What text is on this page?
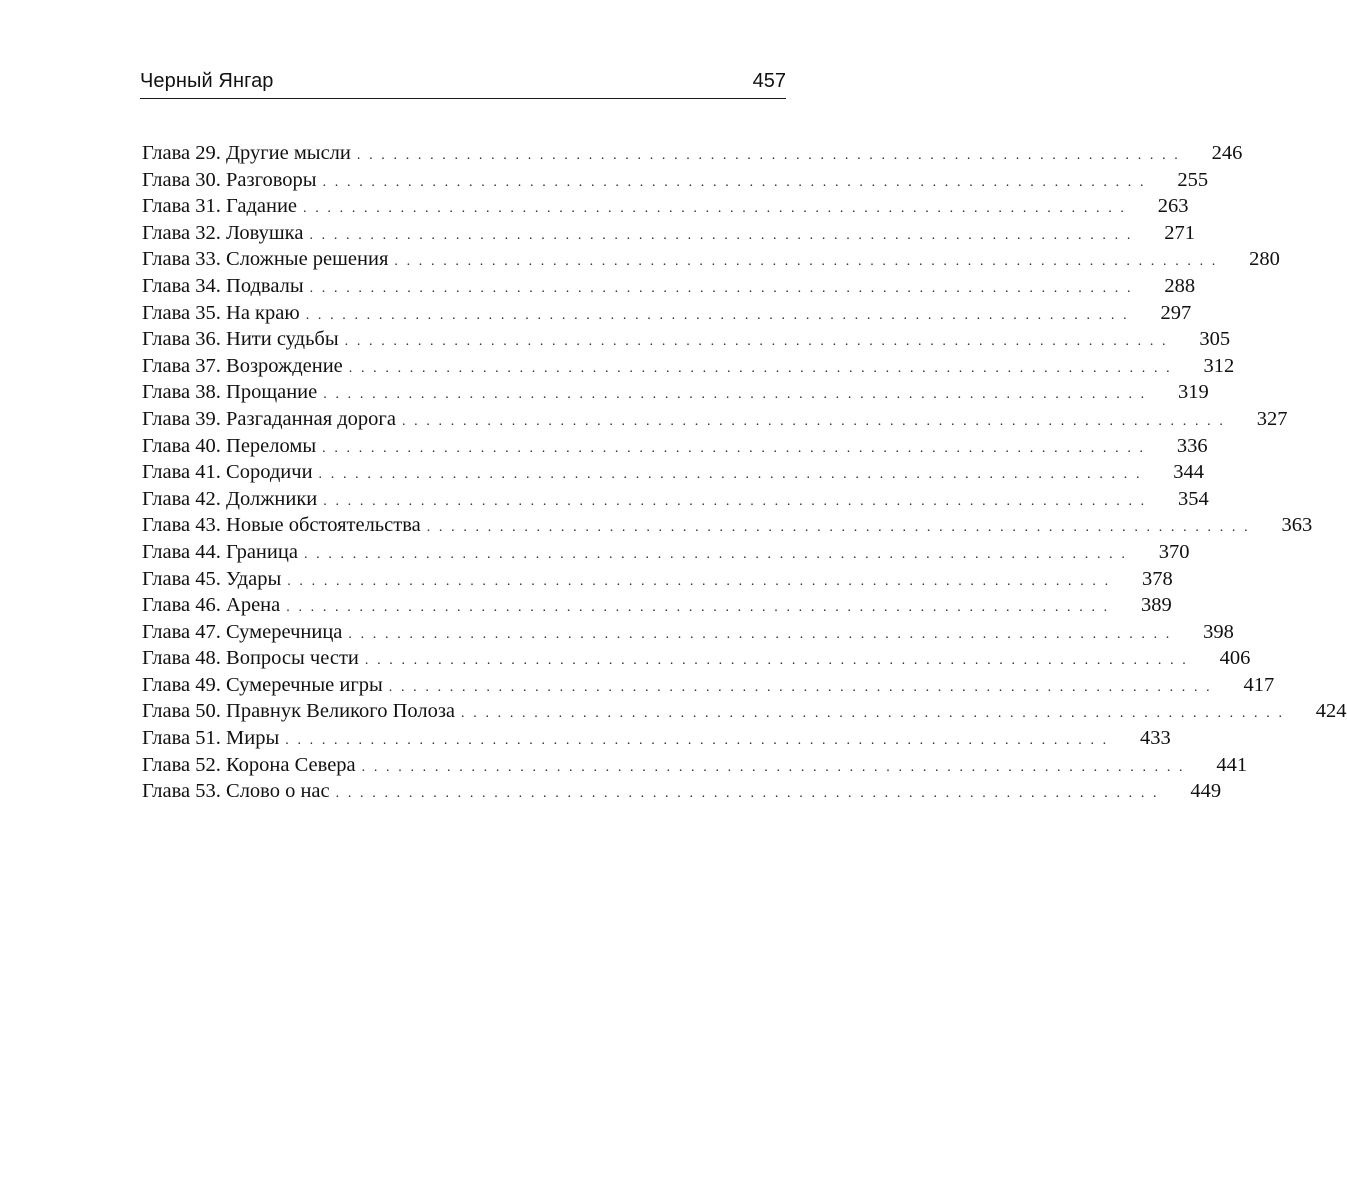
Черный Янгар	457
Глава 29. Другие мысли . . . . . . . . . . . . . . . . . . . . . . . . . . . . . . . . . . . . . . . . . . . . . . . . . . . . . . . . . . . . . . . . . . . .	246
Глава 30. Разговоры . . . . . . . . . . . . . . . . . . . . . . . . . . . . . . . . . . . . . . . . . . . . . . . . . . . . . . . . . . . . . . . . . . . .	255
Глава 31. Гадание . . . . . . . . . . . . . . . . . . . . . . . . . . . . . . . . . . . . . . . . . . . . . . . . . . . . . . . . . . . . . . . . . . . .	263
Глава 32. Ловушка . . . . . . . . . . . . . . . . . . . . . . . . . . . . . . . . . . . . . . . . . . . . . . . . . . . . . . . . . . . . . . . . . . . .	271
Глава 33. Сложные решения . . . . . . . . . . . . . . . . . . . . . . . . . . . . . . . . . . . . . . . . . . . . . . . . . . . . . . . . . . . . . . . . . . . .	280
Глава 34. Подвалы . . . . . . . . . . . . . . . . . . . . . . . . . . . . . . . . . . . . . . . . . . . . . . . . . . . . . . . . . . . . . . . . . . . .	288
Глава 35. На краю . . . . . . . . . . . . . . . . . . . . . . . . . . . . . . . . . . . . . . . . . . . . . . . . . . . . . . . . . . . . . . . . . . . .	297
Глава 36. Нити судьбы . . . . . . . . . . . . . . . . . . . . . . . . . . . . . . . . . . . . . . . . . . . . . . . . . . . . . . . . . . . . . . . . . . . .	305
Глава 37. Возрождение . . . . . . . . . . . . . . . . . . . . . . . . . . . . . . . . . . . . . . . . . . . . . . . . . . . . . . . . . . . . . . . . . . . .	312
Глава 38. Прощание . . . . . . . . . . . . . . . . . . . . . . . . . . . . . . . . . . . . . . . . . . . . . . . . . . . . . . . . . . . . . . . . . . . .	319
Глава 39. Разгаданная дорога . . . . . . . . . . . . . . . . . . . . . . . . . . . . . . . . . . . . . . . . . . . . . . . . . . . . . . . . . . . . . . . . . . . .	327
Глава 40. Переломы . . . . . . . . . . . . . . . . . . . . . . . . . . . . . . . . . . . . . . . . . . . . . . . . . . . . . . . . . . . . . . . . . . . .	336
Глава 41. Сородичи . . . . . . . . . . . . . . . . . . . . . . . . . . . . . . . . . . . . . . . . . . . . . . . . . . . . . . . . . . . . . . . . . . . .	344
Глава 42. Должники . . . . . . . . . . . . . . . . . . . . . . . . . . . . . . . . . . . . . . . . . . . . . . . . . . . . . . . . . . . . . . . . . . . .	354
Глава 43. Новые обстоятельства . . . . . . . . . . . . . . . . . . . . . . . . . . . . . . . . . . . . . . . . . . . . . . . . . . . . . . . . . . . . . . . . . . . .	363
Глава 44. Граница . . . . . . . . . . . . . . . . . . . . . . . . . . . . . . . . . . . . . . . . . . . . . . . . . . . . . . . . . . . . . . . . . . . .	370
Глава 45. Удары . . . . . . . . . . . . . . . . . . . . . . . . . . . . . . . . . . . . . . . . . . . . . . . . . . . . . . . . . . . . . . . . . . . .	378
Глава 46. Арена . . . . . . . . . . . . . . . . . . . . . . . . . . . . . . . . . . . . . . . . . . . . . . . . . . . . . . . . . . . . . . . . . . . .	389
Глава 47. Сумеречница . . . . . . . . . . . . . . . . . . . . . . . . . . . . . . . . . . . . . . . . . . . . . . . . . . . . . . . . . . . . . . . . . . . .	398
Глава 48. Вопросы чести . . . . . . . . . . . . . . . . . . . . . . . . . . . . . . . . . . . . . . . . . . . . . . . . . . . . . . . . . . . . . . . . . . . .	406
Глава 49. Сумеречные игры . . . . . . . . . . . . . . . . . . . . . . . . . . . . . . . . . . . . . . . . . . . . . . . . . . . . . . . . . . . . . . . . . . . .	417
Глава 50. Правнук Великого Полоза . . . . . . . . . . . . . . . . . . . . . . . . . . . . . . . . . . . . . . . . . . . . . . . . . . . . . . . . . . . . . . . . . . . .	424
Глава 51. Миры . . . . . . . . . . . . . . . . . . . . . . . . . . . . . . . . . . . . . . . . . . . . . . . . . . . . . . . . . . . . . . . . . . . .	433
Глава 52. Корона Севера . . . . . . . . . . . . . . . . . . . . . . . . . . . . . . . . . . . . . . . . . . . . . . . . . . . . . . . . . . . . . . . . . . . .	441
Глава 53. Слово о нас . . . . . . . . . . . . . . . . . . . . . . . . . . . . . . . . . . . . . . . . . . . . . . . . . . . . . . . . . . . . . . . . . . . .	449
